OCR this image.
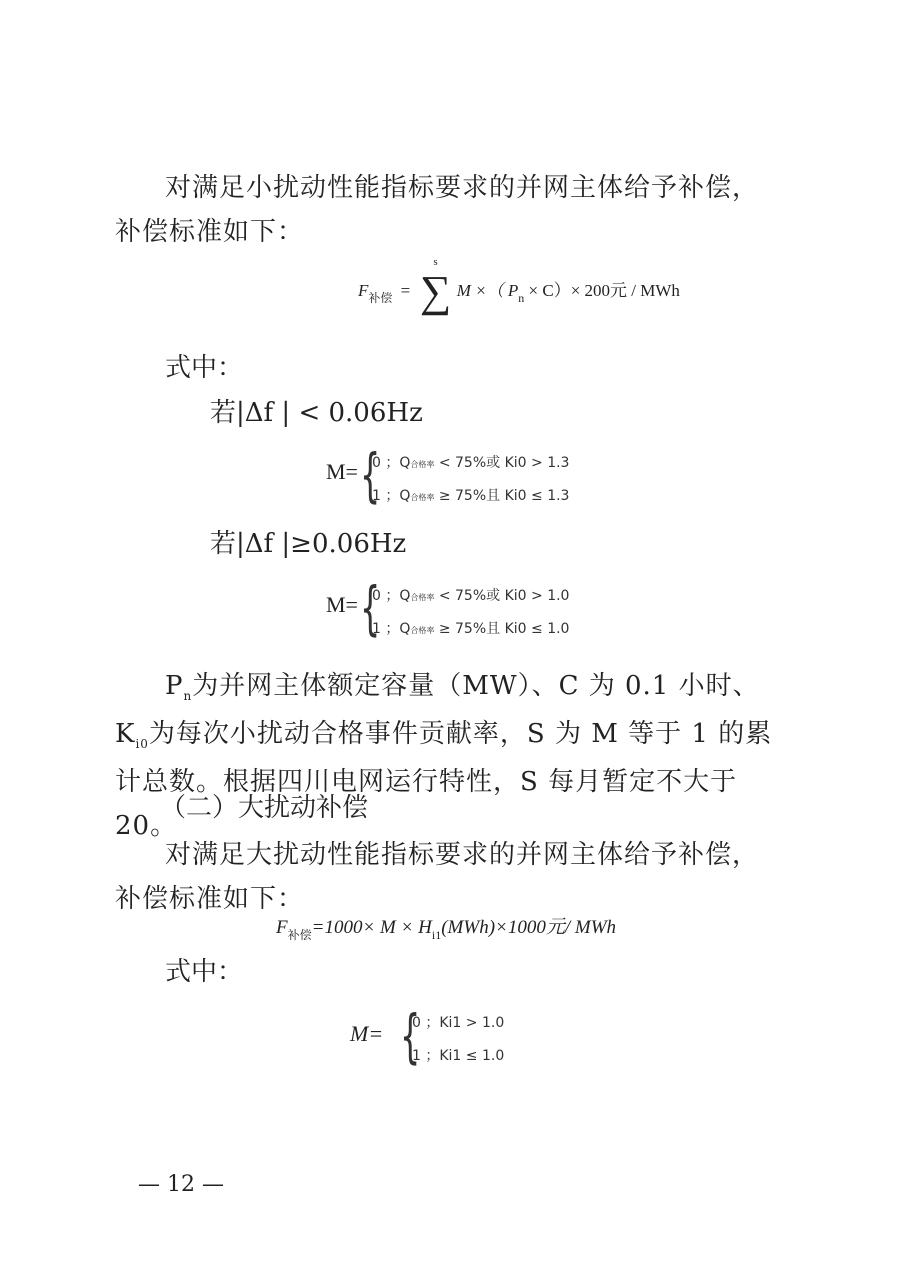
对满足小扰动性能指标要求的并网主体给予补偿，补偿标准如下：

$F_{补偿}$ =
s
∑ M ×（ $P_n \times C)\times 200$元 / MWh
式中：
若|Δf | < 0.06Hz
M= {
0 ；Q合格率 < 75%或 Ki0 > 1.3
1 ；Q合格率 ≥ 75%且 Ki0 ≤ 1.3
若|Δf |≥0.06Hz
M= {
0 ；Q合格率 < 75%或 Ki0 > 1.0
1 ；Q合格率 ≥ 75%且 Ki0 ≤ 1.0

$P_n$为并网主体额定容量（MW）、C 为 0.1 小时、$K_{i0}$为每次小扰动合格事件贡献率，S 为 M 等于 1 的累计总数。根据四川电网运行特性，S 每月暂定不大于 20。

（二）大扰动补偿

对满足大扰动性能指标要求的并网主体给予补偿，补偿标准如下：

$F_{补偿}=1000\times M \times H_{i1}(MWh)\times 1000$元/ MWh
式中：
M= {
0 ；Ki1 > 1.0
1 ；Ki1 ≤ 1.0
— 12 —
